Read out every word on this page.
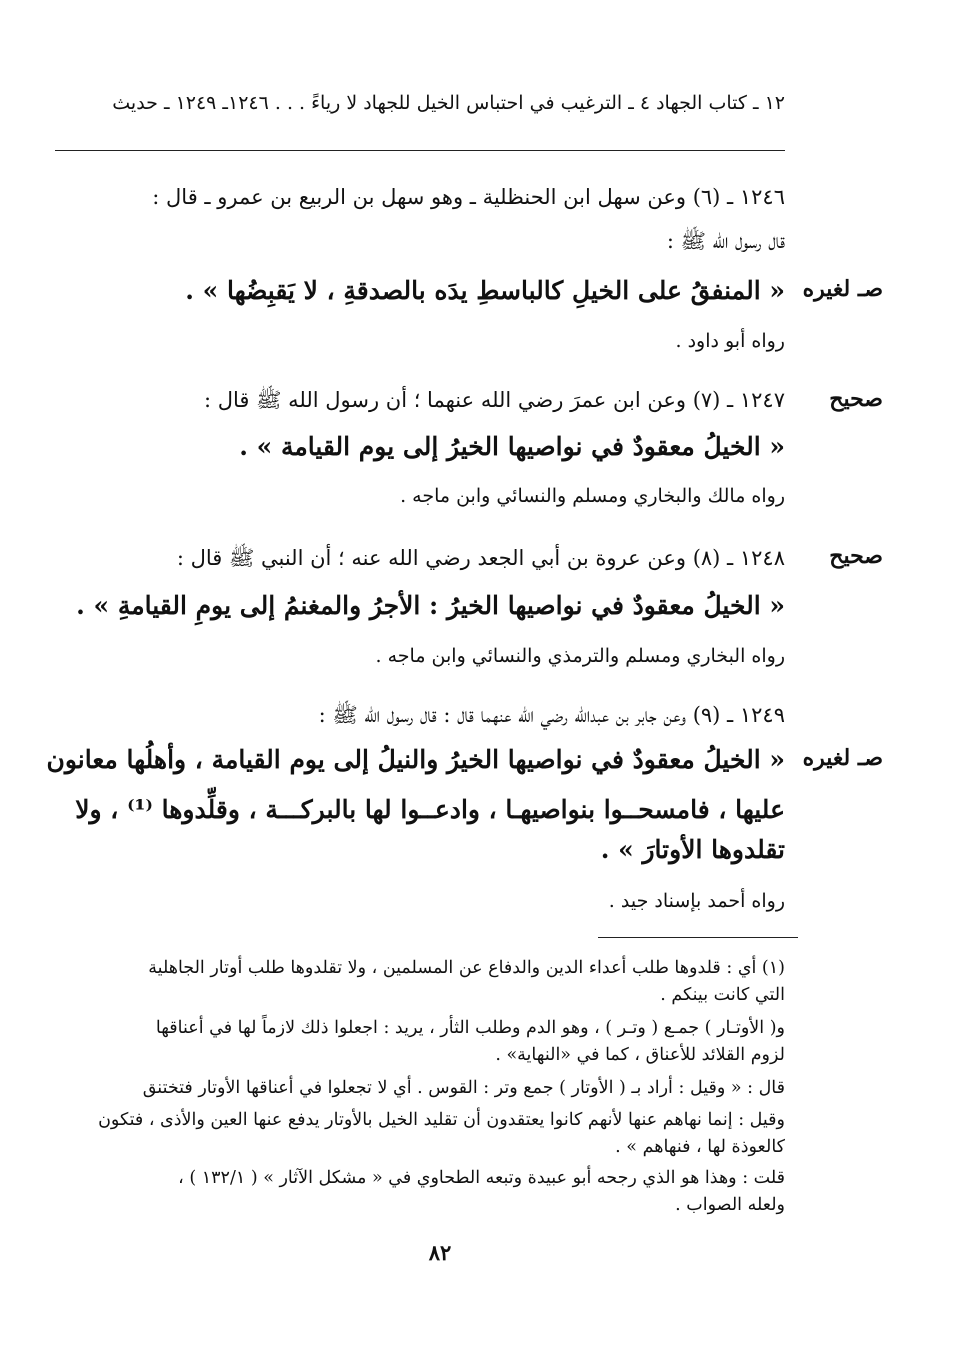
١٢ ـ كتاب الجهاد ٤ ـ الترغيب في احتباس الخيل للجهاد لا رياءً . . . ١٢٤٦ـ ١٢٤٩ ـ حديث
١٢٤٦ ـ (٦) وعن سهل ابن الحنظلية ـ وهو سهل بن الربيع بن عمرو ـ قال :
قال رسول الله ﷺ :
صـ لغيره
« المنفقُ على الخيلِ كالباسطِ يدَه بالصدقةِ ، لا يَقبِضُها » .
رواه أبو داود .
صحيح
١٢٤٧ ـ (٧) وعن ابن عمرَ رضي الله عنهما ؛ أن رسول الله ﷺ قال :
« الخيلُ معقودٌ في نواصيها الخيرُ إلى يوم القيامة » .
رواه مالك والبخاري ومسلم والنسائي وابن ماجه .
صحيح
١٢٤٨ ـ (٨) وعن عروة بن أبي الجعد رضي الله عنه ؛ أن النبي ﷺ قال :
« الخيلُ معقودٌ في نواصيها الخيرُ : الأجرُ والمغنمُ إلى يومِ القيامةِ » .
رواه البخاري ومسلم والترمذي والنسائي وابن ماجه .
١٢٤٩ ـ (٩) وعن جابر بن عبدالله رضي الله عنهما قال : قال رسول الله ﷺ :
صـ لغيره
« الخيلُ معقودٌ في نواصيها الخيرُ والنيلُ إلى يوم القيامة ، وأهلُها معانون
عليها ، فامسحــوا بنواصيهـا ، وادعــوا لها بالبركـــة ، وقلِّدوها ⁽¹⁾ ، ولا
تقلدوها الأوتارَ » .
رواه أحمد بإسناد جيد .
(١) أي : قلدوها طلب أعداء الدين والدفاع عن المسلمين ، ولا تقلدوها طلب أوتار الجاهلية
التي كانت بينكم .
و( الأوتـار ) جمـع ( وتـر ) ، وهو الدم وطلب الثأر ، يريد : اجعلوا ذلك لازماً لها في أعناقها
لزوم القلائد للأعناق ، كما في «النهاية» .
قال : « وقيل : أراد بـ ( الأوتار ) جمع وتر : القوس . أي لا تجعلوا في أعناقها الأوتار فتختنق
وقيل : إنما نهاهم عنها لأنهم كانوا يعتقدون أن تقليد الخيل بالأوتار يدفع عنها العين والأذى ، فتكون
كالعوذة لها ، فنهاهم » .
قلت : وهذا هو الذي رجحه أبو عبيدة وتبعه الطحاوي في « مشكل الآثار » ( ١٣٢/١ ) ،
ولعله الصواب .
٨٢
